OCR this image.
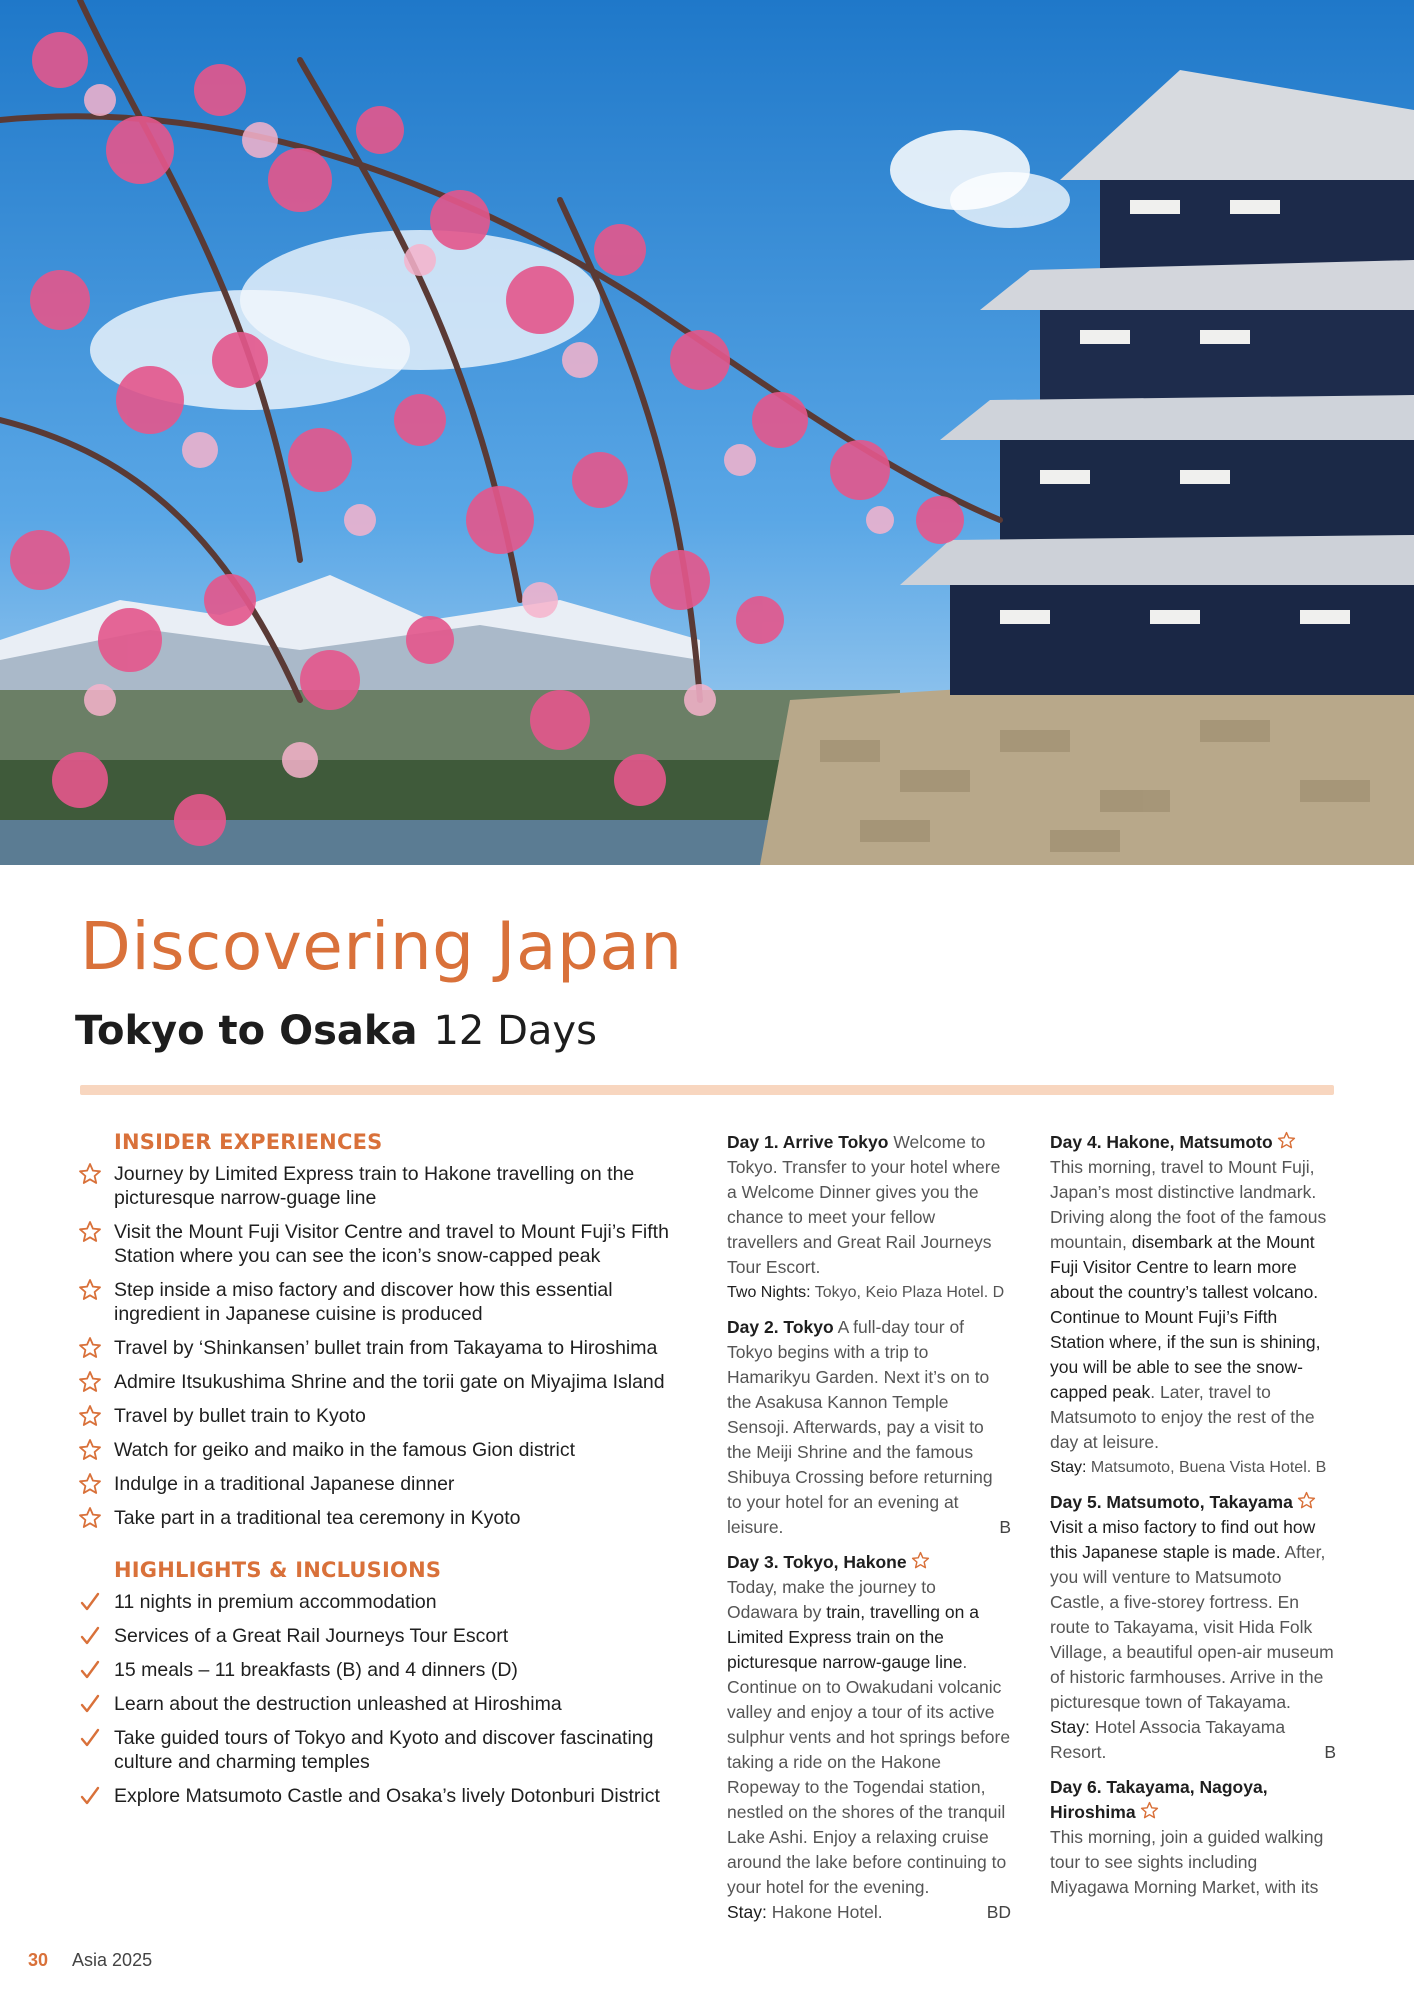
Discovering Japan
Tokyo to Osaka 12 Days
INSIDER EXPERIENCES
Journey by Limited Express train to Hakone travelling on the picturesque narrow-guage line
Visit the Mount Fuji Visitor Centre and travel to Mount Fuji’s Fifth Station where you can see the icon’s snow-capped peak
Step inside a miso factory and discover how this essential ingredient in Japanese cuisine is produced
Travel by ‘Shinkansen’ bullet train from Takayama to Hiroshima
Admire Itsukushima Shrine and the torii gate on Miyajima Island
Travel by bullet train to Kyoto
Watch for geiko and maiko in the famous Gion district
Indulge in a traditional Japanese dinner
Take part in a traditional tea ceremony in Kyoto
HIGHLIGHTS & INCLUSIONS
11 nights in premium accommodation
Services of a Great Rail Journeys Tour Escort
15 meals – 11 breakfasts (B) and 4 dinners (D)
Learn about the destruction unleashed at Hiroshima
Take guided tours of Tokyo and Kyoto and discover fascinating culture and charming temples
Explore Matsumoto Castle and Osaka’s lively Dotonburi District
Day 1. Arrive Tokyo Welcome to Tokyo. Transfer to your hotel where a Welcome Dinner gives you the chance to meet your fellow travellers and Great Rail Journeys Tour Escort.
Two Nights: Tokyo, Keio Plaza Hotel. D
Day 2. Tokyo A full-day tour of Tokyo begins with a trip to Hamarikyu Garden. Next it’s on to the Asakusa Kannon Temple Sensoji. Afterwards, pay a visit to the Meiji Shrine and the famous Shibuya Crossing before returning to your hotel for an evening at leisure.	B
Day 3. Tokyo, Hakone
Today, make the journey to Odawara by train, travelling on a Limited Express train on the picturesque narrow-gauge line. Continue on to Owakudani volcanic valley and enjoy a tour of its active sulphur vents and hot springs before taking a ride on the Hakone Ropeway to the Togendai station, nestled on the shores of the tranquil Lake Ashi. Enjoy a relaxing cruise around the lake before continuing to your hotel for the evening.
Stay: Hakone Hotel.	BD
Day 4. Hakone, Matsumoto
This morning, travel to Mount Fuji, Japan’s most distinctive landmark. Driving along the foot of the famous mountain, disembark at the Mount Fuji Visitor Centre to learn more about the country’s tallest volcano. Continue to Mount Fuji’s Fifth Station where, if the sun is shining, you will be able to see the snow-capped peak. Later, travel to Matsumoto to enjoy the rest of the day at leisure.
Stay: Matsumoto, Buena Vista Hotel. B
Day 5. Matsumoto, Takayama
Visit a miso factory to find out how this Japanese staple is made. After, you will venture to Matsumoto Castle, a five-storey fortress. En route to Takayama, visit Hida Folk Village, a beautiful open-air museum of historic farmhouses. Arrive in the picturesque town of Takayama.
Stay: Hotel Associa Takayama Resort.	B
Day 6. Takayama, Nagoya, Hiroshima
This morning, join a guided walking tour to see sights including Miyagawa Morning Market, with its
30 Asia 2025
